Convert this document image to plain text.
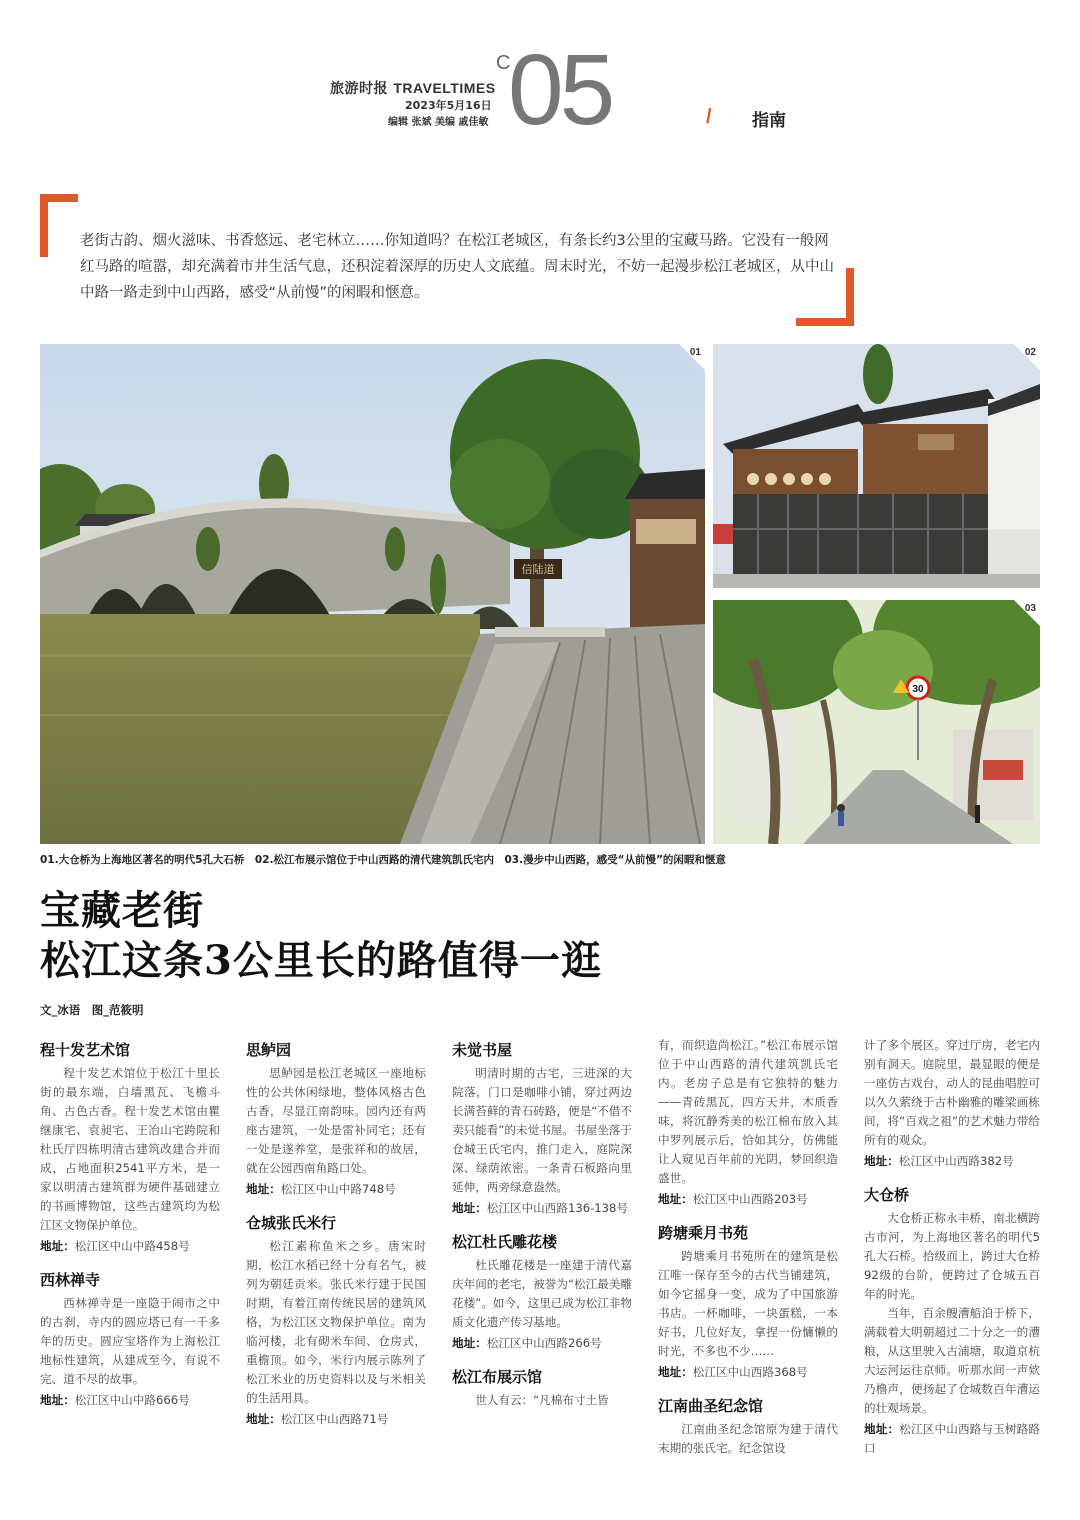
旅游时报 TRAVELTIMES
2023年5月16日
编辑 张斌 美编 戚佳敏
C
05	/ 指南
老街古韵、烟火滋味、书香悠远、老宅林立……你知道吗？在松江老城区，有条长约3公里的宝藏马路。它没有一般网红马路的喧嚣，却充满着市井生活气息，还积淀着深厚的历史人文底蕴。周末时光，不妨一起漫步松江老城区，从中山中路一路走到中山西路，感受“从前慢”的闲暇和惬意。
信陆道
01	02
30
03
01.大仓桥为上海地区著名的明代5孔大石桥　02.松江布展示馆位于中山西路的清代建筑凯氏宅内　03.漫步中山西路，感受“从前慢”的闲暇和惬意
宝藏老街
松江这条3公里长的路值得一逛
文_冰语　图_范筱明
程十发艺术馆

程十发艺术馆位于松江十里长街的最东端，白墙黑瓦、飞檐斗角、古色古香。程十发艺术馆由瞿继康宅、袁昶宅、王冶山宅跨院和杜氏厅四栋明清古建筑改建合并而成，占地面积2541平方米，是一家以明清古建筑群为硬件基础建立的书画博物馆，这些古建筑均为松江区文物保护单位。

地址：松江区中山中路458号
西林禅寺

西林禅寺是一座隐于闹市之中的古刹，寺内的圆应塔已有一千多年的历史。圆应宝塔作为上海松江地标性建筑，从建成至今，有说不完、道不尽的故事。

地址：松江区中山中路666号
思鲈园

思鲈园是松江老城区一座地标性的公共休闲绿地，整体风格古色古香，尽显江南韵味。园内还有两座古建筑，一处是雷补同宅；还有一处是遂养堂，是张祥和的故居，就在公园西南角路口处。

地址：松江区中山中路748号
仓城张氏米行

松江素称鱼米之乡。唐宋时期，松江水稻已经十分有名气，被列为朝廷贡米。张氏米行建于民国时期，有着江南传统民居的建筑风格，为松江区文物保护单位。南为临河楼，北有砌米车间、仓房式，重檐顶。如今，米行内展示陈列了松江米业的历史资料以及与米相关的生活用具。

地址：松江区中山西路71号
未觉书屋

明清时期的古宅，三进深的大院落，门口是咖啡小铺，穿过两边长满苔藓的青石砖路，便是“不借不卖只能看”的未觉书屋。书屋坐落于仓城王氏宅内，推门走入，庭院深深、绿荫浓密。一条青石板路向里延伸，两旁绿意盎然。

地址：松江区中山西路136-138号
松江杜氏雕花楼

杜氏雕花楼是一座建于清代嘉庆年间的老宅，被誉为“松江最美雕花楼”。如今，这里已成为松江非物质文化遗产传习基地。

地址：松江区中山西路266号
松江布展示馆

世人有云：“凡棉布寸土皆

有，而织造尚松江。”松江布展示馆位于中山西路的清代建筑凯氏宅内。老房子总是有它独特的魅力——青砖黑瓦，四方天井，木质香味，将沉静秀美的松江棉布放入其中罗列展示后，恰如其分，仿佛能让人窥见百年前的光阴，梦回织造盛世。

地址：松江区中山西路203号
跨塘乘月书苑

跨塘乘月书苑所在的建筑是松江唯一保存至今的古代当铺建筑，如今它摇身一变，成为了中国旅游书店。一杯咖啡，一块蛋糕，一本好书，几位好友，拿捏一份慵懒的时光，不多也不少……

地址：松江区中山西路368号
江南曲圣纪念馆

江南曲圣纪念馆原为建于清代末期的张氏宅。纪念馆设

计了多个展区。穿过厅房，老宅内别有洞天。庭院里，最显眼的便是一座仿古戏台，动人的昆曲唱腔可以久久萦绕于古朴幽雅的雕梁画栋间，将“百戏之祖”的艺术魅力带给所有的观众。

地址：松江区中山西路382号
大仓桥

大仓桥正称永丰桥，南北横跨古市河，为上海地区著名的明代5孔大石桥。拾级而上，跨过大仓桥92级的台阶，便跨过了仓城五百年的时光。

当年，百余艘漕船泊于桥下，满载着大明朝超过二十分之一的漕粮，从这里驶入古浦塘，取道京杭大运河运往京师。听那水间一声欸乃橹声，便扬起了仓城数百年漕运的壮观场景。

地址：松江区中山西路与玉树路路口
